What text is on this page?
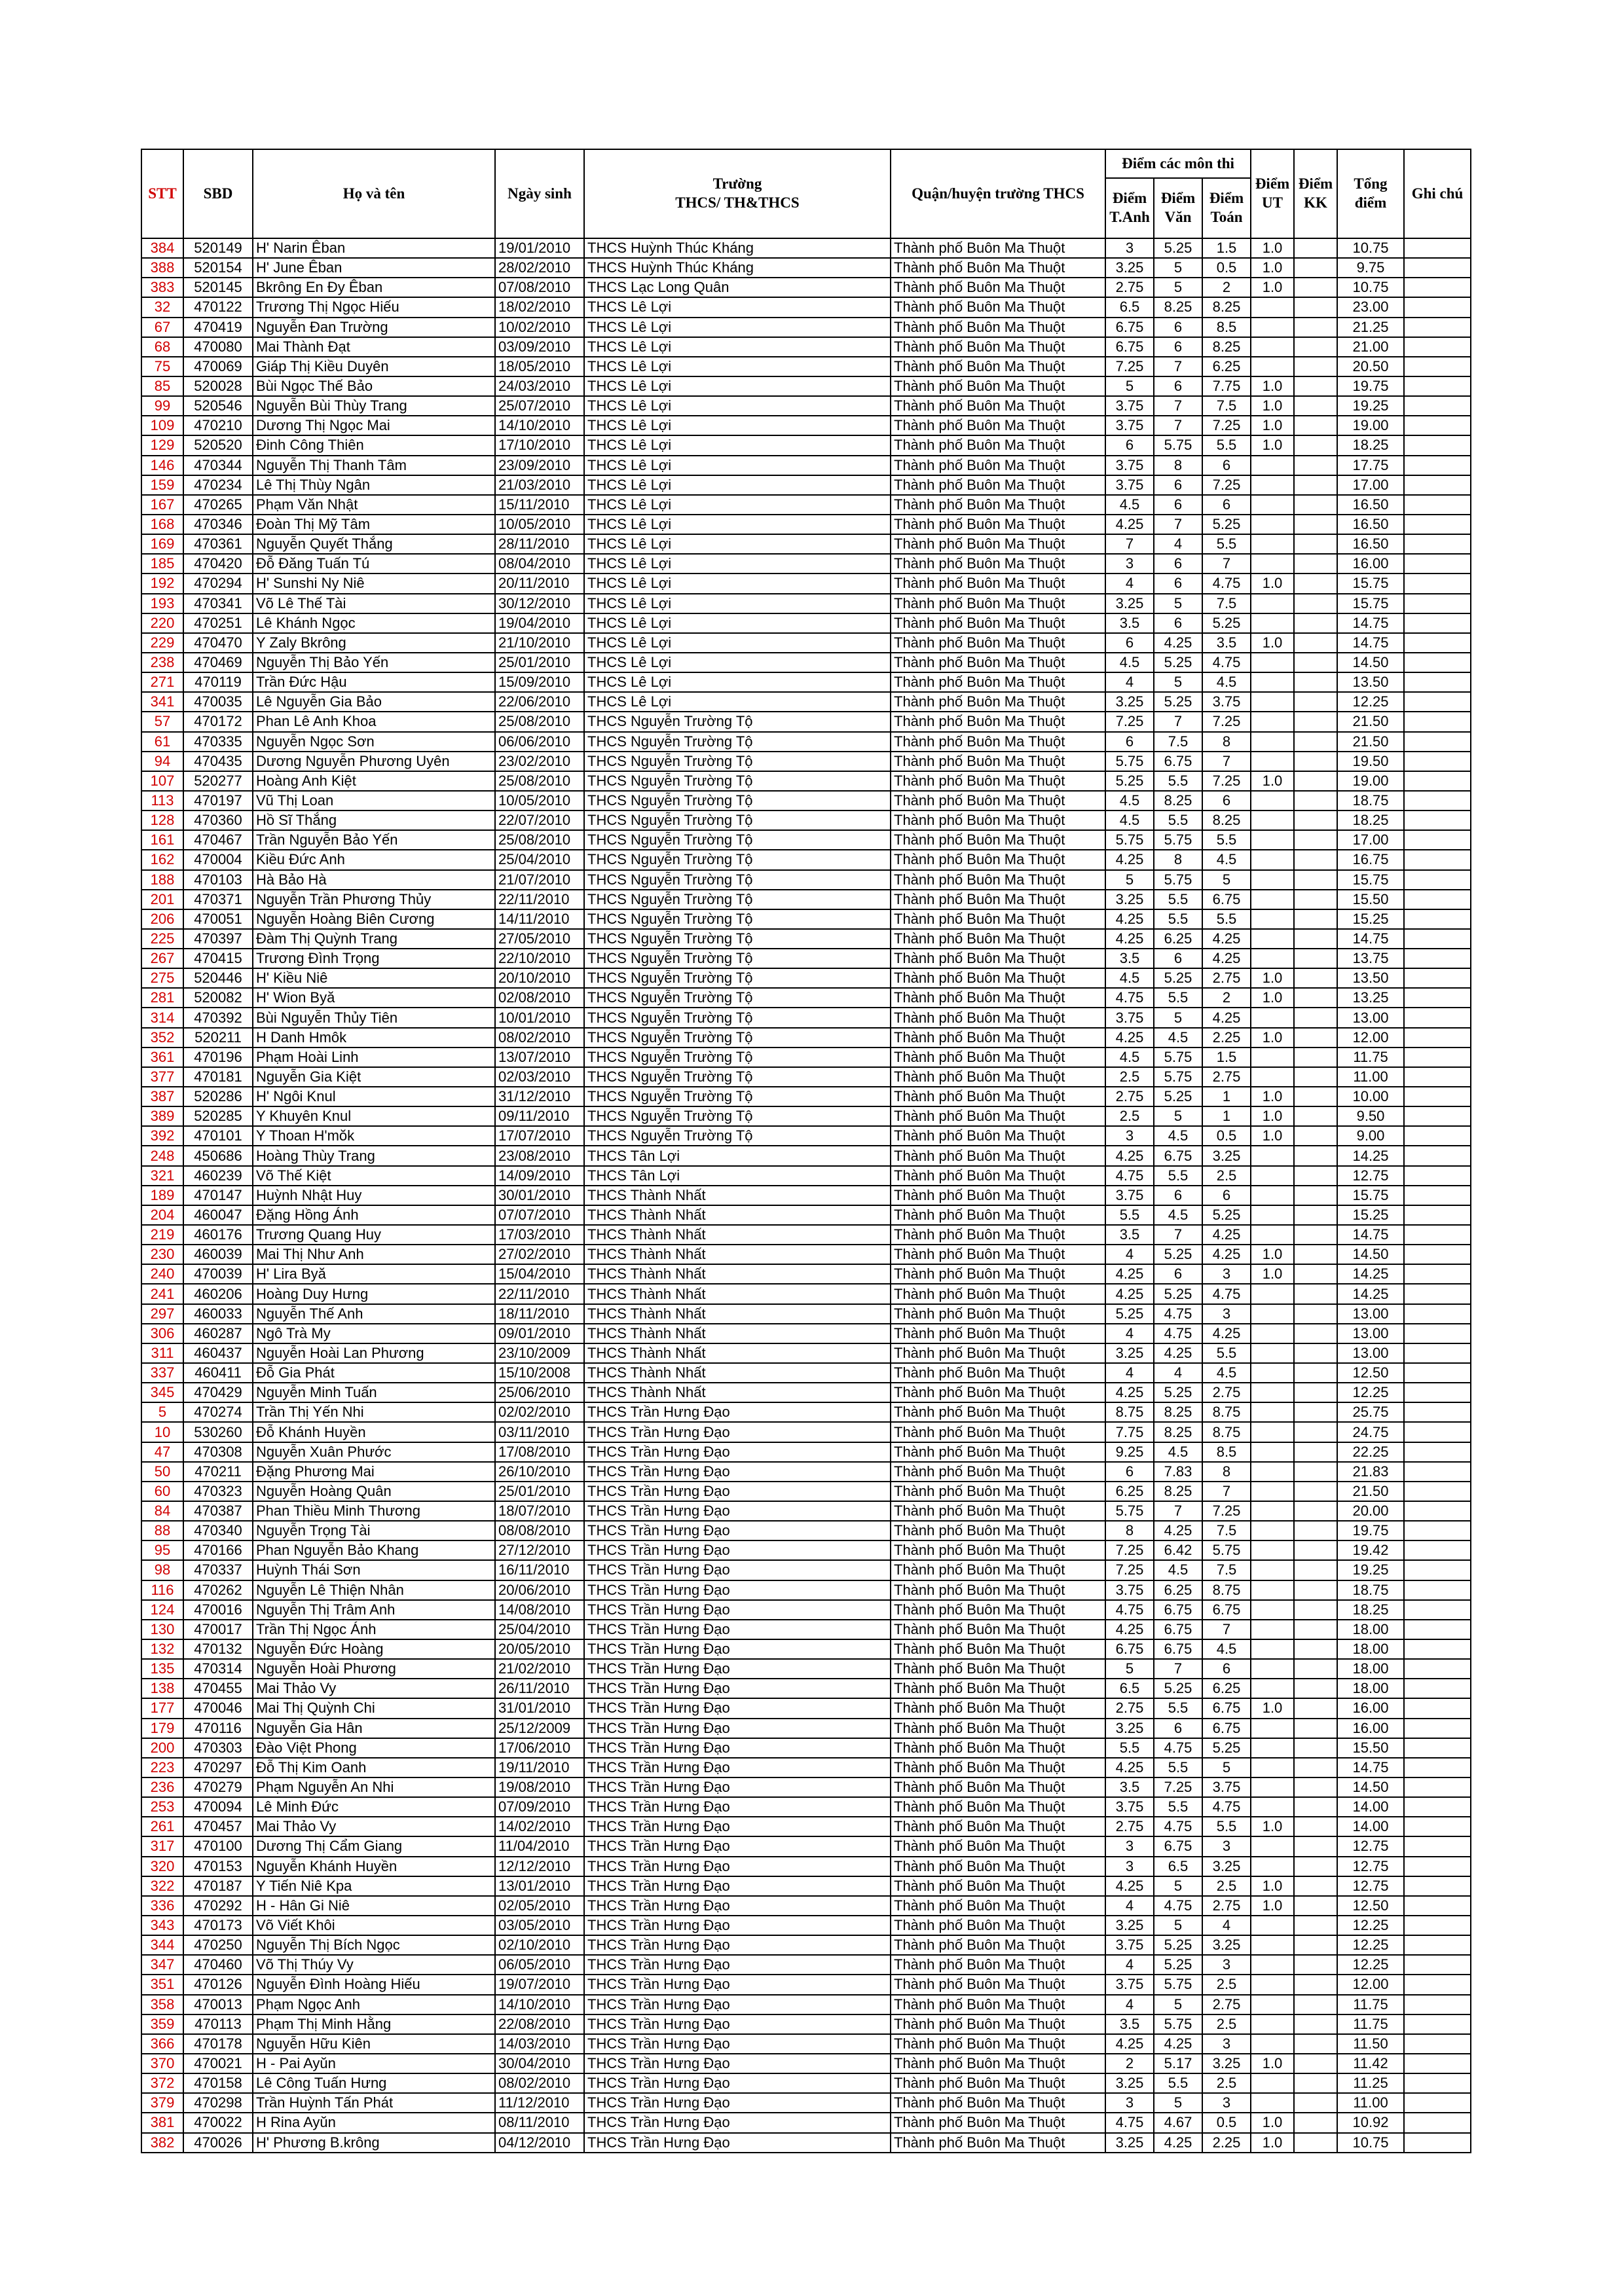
STT	SBD	Họ và tên	Ngày sinh	Trường
THCS/ TH&THCS	Quận/huyện trường THCS	Điểm các môn thi			Điểm UT	Điểm KK	Tổng điểm	Ghi chú
						Điểm T.Anh	Điểm Văn	Điểm Toán				
384	520149	H' Narin Êban	19/01/2010	THCS Huỳnh Thúc Kháng	Thành phố Buôn Ma Thuột	3	5.25	1.5	1.0		10.75	
388	520154	H' June Êban	28/02/2010	THCS Huỳnh Thúc Kháng	Thành phố Buôn Ma Thuột	3.25	5	0.5	1.0		9.75	
383	520145	Bkrông En Đy Êban	07/08/2010	THCS Lạc Long Quân	Thành phố Buôn Ma Thuột	2.75	5	2	1.0		10.75	
32	470122	Trương Thị Ngọc Hiếu	18/02/2010	THCS Lê Lợi	Thành phố Buôn Ma Thuột	6.5	8.25	8.25			23.00	
67	470419	Nguyễn Đan Trường	10/02/2010	THCS Lê Lợi	Thành phố Buôn Ma Thuột	6.75	6	8.5			21.25	
68	470080	Mai Thành Đạt	03/09/2010	THCS Lê Lợi	Thành phố Buôn Ma Thuột	6.75	6	8.25			21.00	
75	470069	Giáp Thị Kiều Duyên	18/05/2010	THCS Lê Lợi	Thành phố Buôn Ma Thuột	7.25	7	6.25			20.50	
85	520028	Bùi Ngọc Thế Bảo	24/03/2010	THCS Lê Lợi	Thành phố Buôn Ma Thuột	5	6	7.75	1.0		19.75	
99	520546	Nguyễn Bùi Thùy Trang	25/07/2010	THCS Lê Lợi	Thành phố Buôn Ma Thuột	3.75	7	7.5	1.0		19.25	
109	470210	Dương Thị Ngọc Mai	14/10/2010	THCS Lê Lợi	Thành phố Buôn Ma Thuột	3.75	7	7.25	1.0		19.00	
129	520520	Đinh Công Thiên	17/10/2010	THCS Lê Lợi	Thành phố Buôn Ma Thuột	6	5.75	5.5	1.0		18.25	
146	470344	Nguyễn Thị Thanh Tâm	23/09/2010	THCS Lê Lợi	Thành phố Buôn Ma Thuột	3.75	8	6			17.75	
159	470234	Lê Thị Thùy Ngân	21/03/2010	THCS Lê Lợi	Thành phố Buôn Ma Thuột	3.75	6	7.25			17.00	
167	470265	Phạm Văn Nhật	15/11/2010	THCS Lê Lợi	Thành phố Buôn Ma Thuột	4.5	6	6			16.50	
168	470346	Đoàn Thị Mỹ Tâm	10/05/2010	THCS Lê Lợi	Thành phố Buôn Ma Thuột	4.25	7	5.25			16.50	
169	470361	Nguyễn Quyết Thắng	28/11/2010	THCS Lê Lợi	Thành phố Buôn Ma Thuột	7	4	5.5			16.50	
185	470420	Đỗ Đăng Tuấn Tú	08/04/2010	THCS Lê Lợi	Thành phố Buôn Ma Thuột	3	6	7			16.00	
192	470294	H' Sunshi Ny Niê	20/11/2010	THCS Lê Lợi	Thành phố Buôn Ma Thuột	4	6	4.75	1.0		15.75	
193	470341	Võ Lê Thế Tài	30/12/2010	THCS Lê Lợi	Thành phố Buôn Ma Thuột	3.25	5	7.5			15.75	
220	470251	Lê Khánh Ngọc	19/04/2010	THCS Lê Lợi	Thành phố Buôn Ma Thuột	3.5	6	5.25			14.75	
229	470470	Y Zaly Bkrông	21/10/2010	THCS Lê Lợi	Thành phố Buôn Ma Thuột	6	4.25	3.5	1.0		14.75	
238	470469	Nguyễn Thị Bảo Yến	25/01/2010	THCS Lê Lợi	Thành phố Buôn Ma Thuột	4.5	5.25	4.75			14.50	
271	470119	Trần Đức Hậu	15/09/2010	THCS Lê Lợi	Thành phố Buôn Ma Thuột	4	5	4.5			13.50	
341	470035	Lê Nguyễn Gia Bảo	22/06/2010	THCS Lê Lợi	Thành phố Buôn Ma Thuột	3.25	5.25	3.75			12.25	
57	470172	Phan Lê Anh Khoa	25/08/2010	THCS Nguyễn Trường Tộ	Thành phố Buôn Ma Thuột	7.25	7	7.25			21.50	
61	470335	Nguyễn Ngọc Sơn	06/06/2010	THCS Nguyễn Trường Tộ	Thành phố Buôn Ma Thuột	6	7.5	8			21.50	
94	470435	Dương Nguyễn Phương Uyên	23/02/2010	THCS Nguyễn Trường Tộ	Thành phố Buôn Ma Thuột	5.75	6.75	7			19.50	
107	520277	Hoàng Anh Kiệt	25/08/2010	THCS Nguyễn Trường Tộ	Thành phố Buôn Ma Thuột	5.25	5.5	7.25	1.0		19.00	
113	470197	Vũ Thị Loan	10/05/2010	THCS Nguyễn Trường Tộ	Thành phố Buôn Ma Thuột	4.5	8.25	6			18.75	
128	470360	Hồ Sĩ Thắng	22/07/2010	THCS Nguyễn Trường Tộ	Thành phố Buôn Ma Thuột	4.5	5.5	8.25			18.25	
161	470467	Trần Nguyễn Bảo Yến	25/08/2010	THCS Nguyễn Trường Tộ	Thành phố Buôn Ma Thuột	5.75	5.75	5.5			17.00	
162	470004	Kiều Đức Anh	25/04/2010	THCS Nguyễn Trường Tộ	Thành phố Buôn Ma Thuột	4.25	8	4.5			16.75	
188	470103	Hà Bảo Hà	21/07/2010	THCS Nguyễn Trường Tộ	Thành phố Buôn Ma Thuột	5	5.75	5			15.75	
201	470371	Nguyễn Trần Phương Thủy	22/11/2010	THCS Nguyễn Trường Tộ	Thành phố Buôn Ma Thuột	3.25	5.5	6.75			15.50	
206	470051	Nguyễn Hoàng Biên Cương	14/11/2010	THCS Nguyễn Trường Tộ	Thành phố Buôn Ma Thuột	4.25	5.5	5.5			15.25	
225	470397	Đàm Thị Quỳnh Trang	27/05/2010	THCS Nguyễn Trường Tộ	Thành phố Buôn Ma Thuột	4.25	6.25	4.25			14.75	
267	470415	Trương Đình Trọng	22/10/2010	THCS Nguyễn Trường Tộ	Thành phố Buôn Ma Thuột	3.5	6	4.25			13.75	
275	520446	H' Kiều Niê	20/10/2010	THCS Nguyễn Trường Tộ	Thành phố Buôn Ma Thuột	4.5	5.25	2.75	1.0		13.50	
281	520082	H' Wion Byă	02/08/2010	THCS Nguyễn Trường Tộ	Thành phố Buôn Ma Thuột	4.75	5.5	2	1.0		13.25	
314	470392	Bùi Nguyễn Thủy Tiên	10/01/2010	THCS Nguyễn Trường Tộ	Thành phố Buôn Ma Thuột	3.75	5	4.25			13.00	
352	520211	H Danh Hmôk	08/02/2010	THCS Nguyễn Trường Tộ	Thành phố Buôn Ma Thuột	4.25	4.5	2.25	1.0		12.00	
361	470196	Phạm Hoài Linh	13/07/2010	THCS Nguyễn Trường Tộ	Thành phố Buôn Ma Thuột	4.5	5.75	1.5			11.75	
377	470181	Nguyễn Gia Kiệt	02/03/2010	THCS Nguyễn Trường Tộ	Thành phố Buôn Ma Thuột	2.5	5.75	2.75			11.00	
387	520286	H' Ngôi Knul	31/12/2010	THCS Nguyễn Trường Tộ	Thành phố Buôn Ma Thuột	2.75	5.25	1	1.0		10.00	
389	520285	Y Khuyên Knul	09/11/2010	THCS Nguyễn Trường Tộ	Thành phố Buôn Ma Thuột	2.5	5	1	1.0		9.50	
392	470101	Y Thoan H'mŏk	17/07/2010	THCS Nguyễn Trường Tộ	Thành phố Buôn Ma Thuột	3	4.5	0.5	1.0		9.00	
248	450686	Hoàng Thùy Trang	23/08/2010	THCS Tân Lợi	Thành phố Buôn Ma Thuột	4.25	6.75	3.25			14.25	
321	460239	Võ Thế Kiệt	14/09/2010	THCS Tân Lợi	Thành phố Buôn Ma Thuột	4.75	5.5	2.5			12.75	
189	470147	Huỳnh Nhật Huy	30/01/2010	THCS Thành Nhất	Thành phố Buôn Ma Thuột	3.75	6	6			15.75	
204	460047	Đặng Hồng Ánh	07/07/2010	THCS Thành Nhất	Thành phố Buôn Ma Thuột	5.5	4.5	5.25			15.25	
219	460176	Trương Quang Huy	17/03/2010	THCS Thành Nhất	Thành phố Buôn Ma Thuột	3.5	7	4.25			14.75	
230	460039	Mai Thị Như Anh	27/02/2010	THCS Thành Nhất	Thành phố Buôn Ma Thuột	4	5.25	4.25	1.0		14.50	
240	470039	H' Lira Byă	15/04/2010	THCS Thành Nhất	Thành phố Buôn Ma Thuột	4.25	6	3	1.0		14.25	
241	460206	Hoàng Duy Hưng	22/11/2010	THCS Thành Nhất	Thành phố Buôn Ma Thuột	4.25	5.25	4.75			14.25	
297	460033	Nguyễn Thế Anh	18/11/2010	THCS Thành Nhất	Thành phố Buôn Ma Thuột	5.25	4.75	3			13.00	
306	460287	Ngô Trà My	09/01/2010	THCS Thành Nhất	Thành phố Buôn Ma Thuột	4	4.75	4.25			13.00	
311	460437	Nguyễn Hoài Lan Phương	23/10/2009	THCS Thành Nhất	Thành phố Buôn Ma Thuột	3.25	4.25	5.5			13.00	
337	460411	Đỗ Gia Phát	15/10/2008	THCS Thành Nhất	Thành phố Buôn Ma Thuột	4	4	4.5			12.50	
345	470429	Nguyễn Minh Tuấn	25/06/2010	THCS Thành Nhất	Thành phố Buôn Ma Thuột	4.25	5.25	2.75			12.25	
5	470274	Trần Thị Yến Nhi	02/02/2010	THCS Trần Hưng Đạo	Thành phố Buôn Ma Thuột	8.75	8.25	8.75			25.75	
10	530260	Đỗ Khánh Huyền	03/11/2010	THCS Trần Hưng Đạo	Thành phố Buôn Ma Thuột	7.75	8.25	8.75			24.75	
47	470308	Nguyễn Xuân Phước	17/08/2010	THCS Trần Hưng Đạo	Thành phố Buôn Ma Thuột	9.25	4.5	8.5			22.25	
50	470211	Đặng Phương Mai	26/10/2010	THCS Trần Hưng Đạo	Thành phố Buôn Ma Thuột	6	7.83	8			21.83	
60	470323	Nguyễn Hoàng Quân	25/01/2010	THCS Trần Hưng Đạo	Thành phố Buôn Ma Thuột	6.25	8.25	7			21.50	
84	470387	Phan Thiều Minh Thương	18/07/2010	THCS Trần Hưng Đạo	Thành phố Buôn Ma Thuột	5.75	7	7.25			20.00	
88	470340	Nguyễn Trọng Tài	08/08/2010	THCS Trần Hưng Đạo	Thành phố Buôn Ma Thuột	8	4.25	7.5			19.75	
95	470166	Phan Nguyễn Bảo Khang	27/12/2010	THCS Trần Hưng Đạo	Thành phố Buôn Ma Thuột	7.25	6.42	5.75			19.42	
98	470337	Huỳnh Thái Sơn	16/11/2010	THCS Trần Hưng Đạo	Thành phố Buôn Ma Thuột	7.25	4.5	7.5			19.25	
116	470262	Nguyễn Lê Thiện Nhân	20/06/2010	THCS Trần Hưng Đạo	Thành phố Buôn Ma Thuột	3.75	6.25	8.75			18.75	
124	470016	Nguyễn Thị Trâm Anh	14/08/2010	THCS Trần Hưng Đạo	Thành phố Buôn Ma Thuột	4.75	6.75	6.75			18.25	
130	470017	Trần Thị Ngọc Ánh	25/04/2010	THCS Trần Hưng Đạo	Thành phố Buôn Ma Thuột	4.25	6.75	7			18.00	
132	470132	Nguyễn Đức Hoàng	20/05/2010	THCS Trần Hưng Đạo	Thành phố Buôn Ma Thuột	6.75	6.75	4.5			18.00	
135	470314	Nguyễn Hoài Phương	21/02/2010	THCS Trần Hưng Đạo	Thành phố Buôn Ma Thuột	5	7	6			18.00	
138	470455	Mai Thảo Vy	26/11/2010	THCS Trần Hưng Đạo	Thành phố Buôn Ma Thuột	6.5	5.25	6.25			18.00	
177	470046	Mai Thị Quỳnh Chi	31/01/2010	THCS Trần Hưng Đạo	Thành phố Buôn Ma Thuột	2.75	5.5	6.75	1.0		16.00	
179	470116	Nguyễn Gia Hân	25/12/2009	THCS Trần Hưng Đạo	Thành phố Buôn Ma Thuột	3.25	6	6.75			16.00	
200	470303	Đào Việt Phong	17/06/2010	THCS Trần Hưng Đạo	Thành phố Buôn Ma Thuột	5.5	4.75	5.25			15.50	
223	470297	Đỗ Thị Kim Oanh	19/11/2010	THCS Trần Hưng Đạo	Thành phố Buôn Ma Thuột	4.25	5.5	5			14.75	
236	470279	Phạm Nguyễn An Nhi	19/08/2010	THCS Trần Hưng Đạo	Thành phố Buôn Ma Thuột	3.5	7.25	3.75			14.50	
253	470094	Lê Minh Đức	07/09/2010	THCS Trần Hưng Đạo	Thành phố Buôn Ma Thuột	3.75	5.5	4.75			14.00	
261	470457	Mai Thảo Vy	14/02/2010	THCS Trần Hưng Đạo	Thành phố Buôn Ma Thuột	2.75	4.75	5.5	1.0		14.00	
317	470100	Dương Thị Cẩm Giang	11/04/2010	THCS Trần Hưng Đạo	Thành phố Buôn Ma Thuột	3	6.75	3			12.75	
320	470153	Nguyễn Khánh Huyền	12/12/2010	THCS Trần Hưng Đạo	Thành phố Buôn Ma Thuột	3	6.5	3.25			12.75	
322	470187	Y Tiến Niê Kpa	13/01/2010	THCS Trần Hưng Đạo	Thành phố Buôn Ma Thuột	4.25	5	2.5	1.0		12.75	
336	470292	H - Hân Gi Niê	02/05/2010	THCS Trần Hưng Đạo	Thành phố Buôn Ma Thuột	4	4.75	2.75	1.0		12.50	
343	470173	Võ Viết Khôi	03/05/2010	THCS Trần Hưng Đạo	Thành phố Buôn Ma Thuột	3.25	5	4			12.25	
344	470250	Nguyễn Thị Bích Ngọc	02/10/2010	THCS Trần Hưng Đạo	Thành phố Buôn Ma Thuột	3.75	5.25	3.25			12.25	
347	470460	Võ Thị Thúy Vy	06/05/2010	THCS Trần Hưng Đạo	Thành phố Buôn Ma Thuột	4	5.25	3			12.25	
351	470126	Nguyễn Đình Hoàng Hiếu	19/07/2010	THCS Trần Hưng Đạo	Thành phố Buôn Ma Thuột	3.75	5.75	2.5			12.00	
358	470013	Phạm Ngọc Anh	14/10/2010	THCS Trần Hưng Đạo	Thành phố Buôn Ma Thuột	4	5	2.75			11.75	
359	470113	Phạm Thị Minh Hằng	22/08/2010	THCS Trần Hưng Đạo	Thành phố Buôn Ma Thuột	3.5	5.75	2.5			11.75	
366	470178	Nguyễn Hữu Kiên	14/03/2010	THCS Trần Hưng Đạo	Thành phố Buôn Ma Thuột	4.25	4.25	3			11.50	
370	470021	H - Pai Ayŭn	30/04/2010	THCS Trần Hưng Đạo	Thành phố Buôn Ma Thuột	2	5.17	3.25	1.0		11.42	
372	470158	Lê Công Tuấn Hưng	08/02/2010	THCS Trần Hưng Đạo	Thành phố Buôn Ma Thuột	3.25	5.5	2.5			11.25	
379	470298	Trần Huỳnh Tấn Phát	11/12/2010	THCS Trần Hưng Đạo	Thành phố Buôn Ma Thuột	3	5	3			11.00	
381	470022	H Rina Ayŭn	08/11/2010	THCS Trần Hưng Đạo	Thành phố Buôn Ma Thuột	4.75	4.67	0.5	1.0		10.92	
382	470026	H' Phương B.krông	04/12/2010	THCS Trần Hưng Đạo	Thành phố Buôn Ma Thuột	3.25	4.25	2.25	1.0		10.75	
